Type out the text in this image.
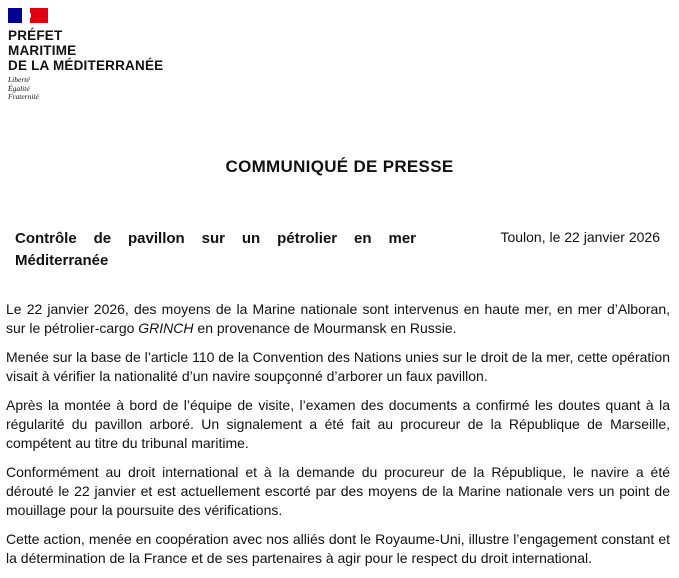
PRÉFET
MARITIME
DE LA MÉDITERRANÉE
Liberté
Égalité
Fraternité
COMMUNIQUÉ DE PRESSE
Contrôle de pavillon sur un pétrolier en mer Méditerranée
Toulon, le 22 janvier 2026

Le 22 janvier 2026, des moyens de la Marine nationale sont intervenus en haute mer, en mer d’Alboran, sur le pétrolier-cargo GRINCH en provenance de Mourmansk en Russie.

Menée sur la base de l’article 110 de la Convention des Nations unies sur le droit de la mer, cette opération visait à vérifier la nationalité d’un navire soupçonné d’arborer un faux pavillon.

Après la montée à bord de l’équipe de visite, l’examen des documents a confirmé les doutes quant à la régularité du pavillon arboré. Un signalement a été fait au procureur de la République de Marseille, compétent au titre du tribunal maritime.

Conformément au droit international et à la demande du procureur de la République, le navire a été dérouté le 22 janvier et est actuellement escorté par des moyens de la Marine nationale vers un point de mouillage pour la poursuite des vérifications.

Cette action, menée en coopération avec nos alliés dont le Royaume-Uni, illustre l’engagement constant et la détermination de la France et de ses partenaires à agir pour le respect du droit international.
